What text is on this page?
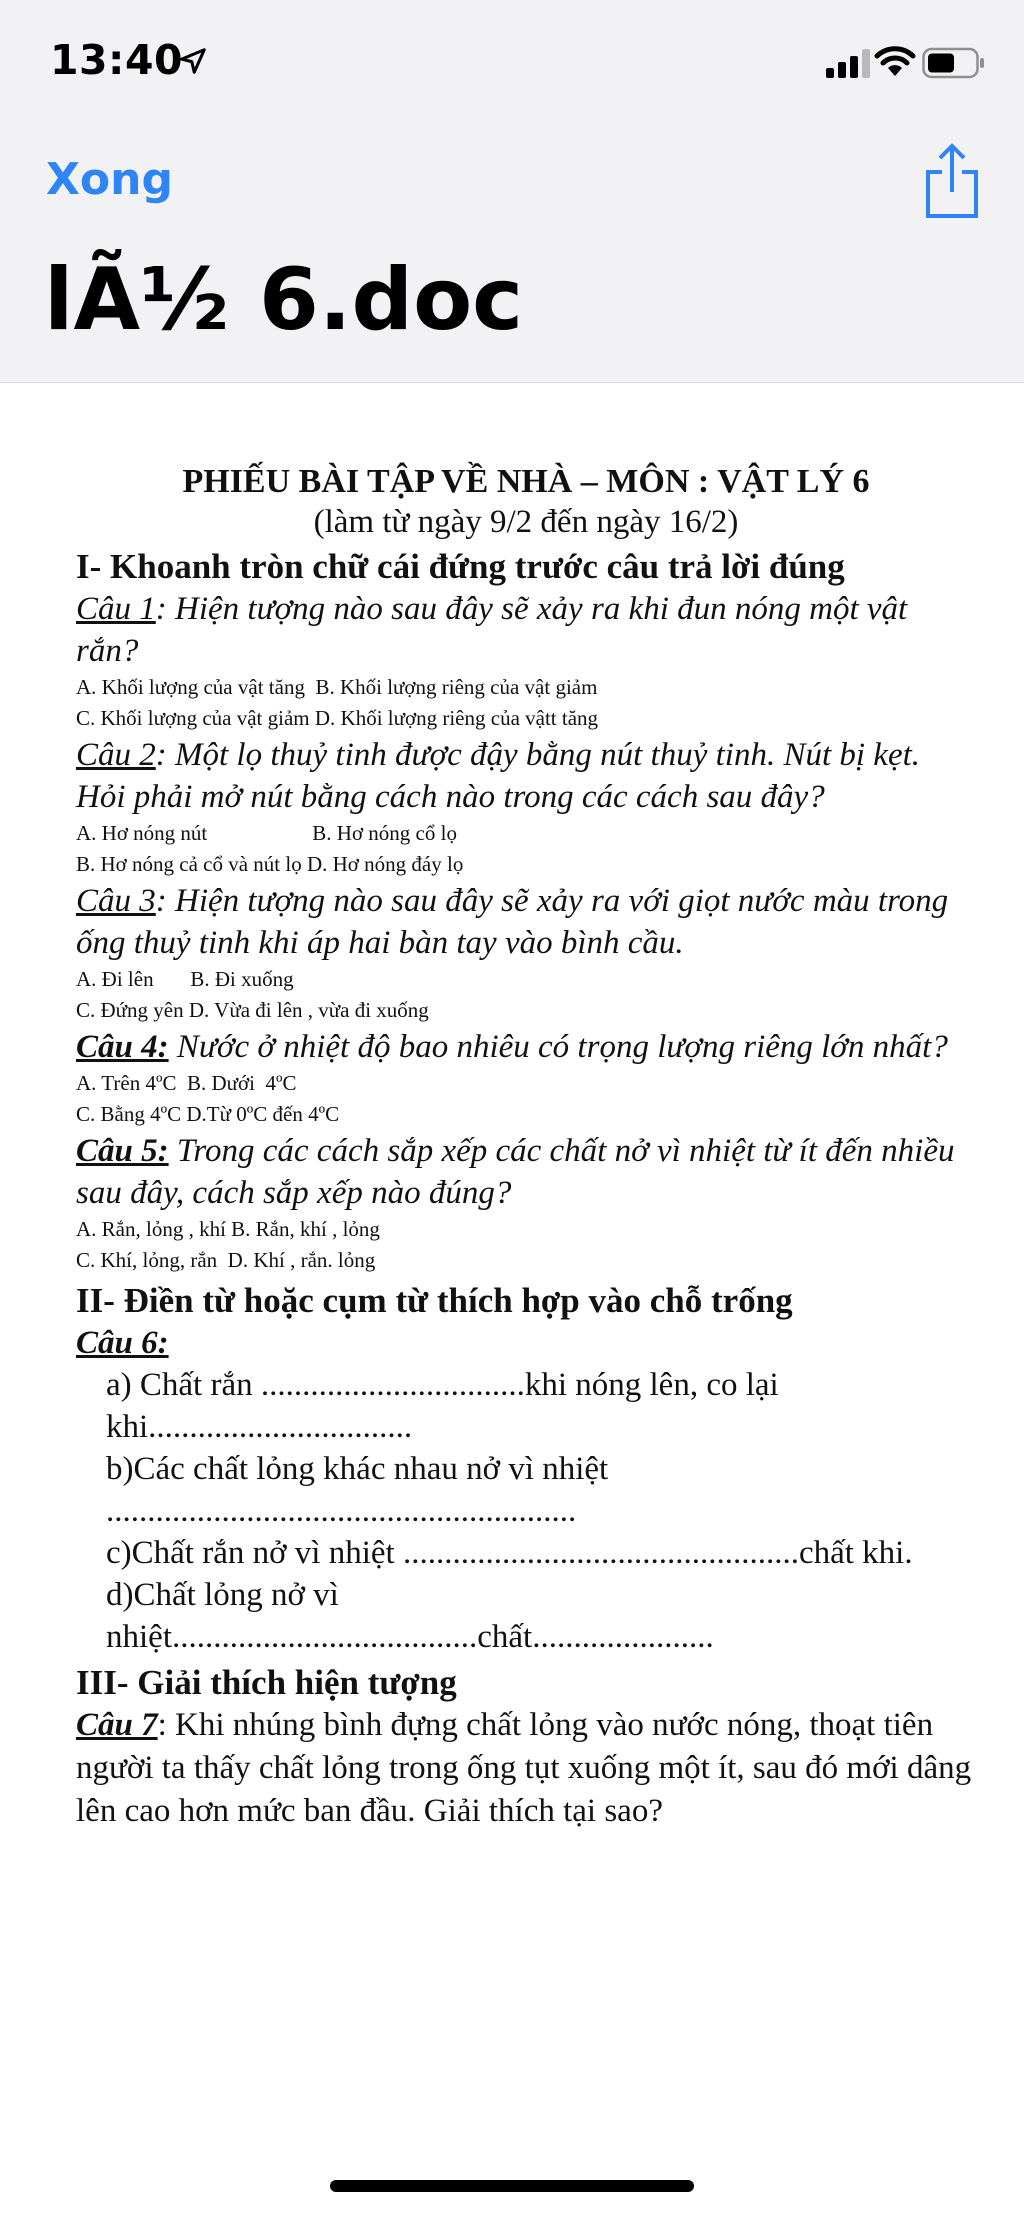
13:40
Xong
lÃ½ 6.doc
PHIẾU BÀI TẬP VỀ NHÀ – MÔN : VẬT LÝ 6
(làm từ ngày 9/2 đến ngày 16/2)
I- Khoanh tròn chữ cái đứng trước câu trả lời đúng
Câu 1: Hiện tượng nào sau đây sẽ xảy ra khi đun nóng một vật rắn?
A. Khối lượng của vật tăng  B. Khối lượng riêng của vật giảm
C. Khối lượng của vật giảm D. Khối lượng riêng của vậtt tăng
Câu 2: Một lọ thuỷ tinh được đậy bằng nút thuỷ tinh. Nút bị kẹt. Hỏi phải mở nút bằng cách nào trong các cách sau đây?
A. Hơ nóng nút                    B. Hơ nóng cổ lọ
B. Hơ nóng cả cổ và nút lọ D. Hơ nóng đáy lọ
Câu 3: Hiện tượng nào sau đây sẽ xảy ra với giọt nước màu trong ống thuỷ tinh khi áp hai bàn tay vào bình cầu.
A. Đi lên       B. Đi xuống
C. Đứng yên D. Vừa đi lên , vừa đi xuống
Câu 4: Nước ở nhiệt độ bao nhiêu có trọng lượng riêng lớn nhất?
A. Trên 4ºC  B. Dưới  4ºC
C. Bằng 4ºC D.Từ 0ºC đến 4ºC
Câu 5: Trong các cách sắp xếp các chất nở vì nhiệt từ ít đến nhiều sau đây, cách sắp xếp nào đúng?
A. Rắn, lỏng , khí B. Rắn, khí , lỏng
C. Khí, lỏng, rắn  D. Khí , rắn. lỏng
II- Điền từ hoặc cụm từ thích hợp vào chỗ trống
Câu 6:
a) Chất rắn ................................khi nóng lên, co lại
khi................................
b)Các chất lỏng khác nhau nở vì nhiệt
.........................................................
c)Chất rắn nở vì nhiệt ................................................chất khi.
d)Chất lỏng nở vì
nhiệt.....................................chất......................
III- Giải thích hiện tượng
Câu 7: Khi nhúng bình đựng chất lỏng vào nước nóng, thoạt tiên người ta thấy chất lỏng trong ống tụt xuống một ít, sau đó mới dâng lên cao hơn mức ban đầu. Giải thích tại sao?
